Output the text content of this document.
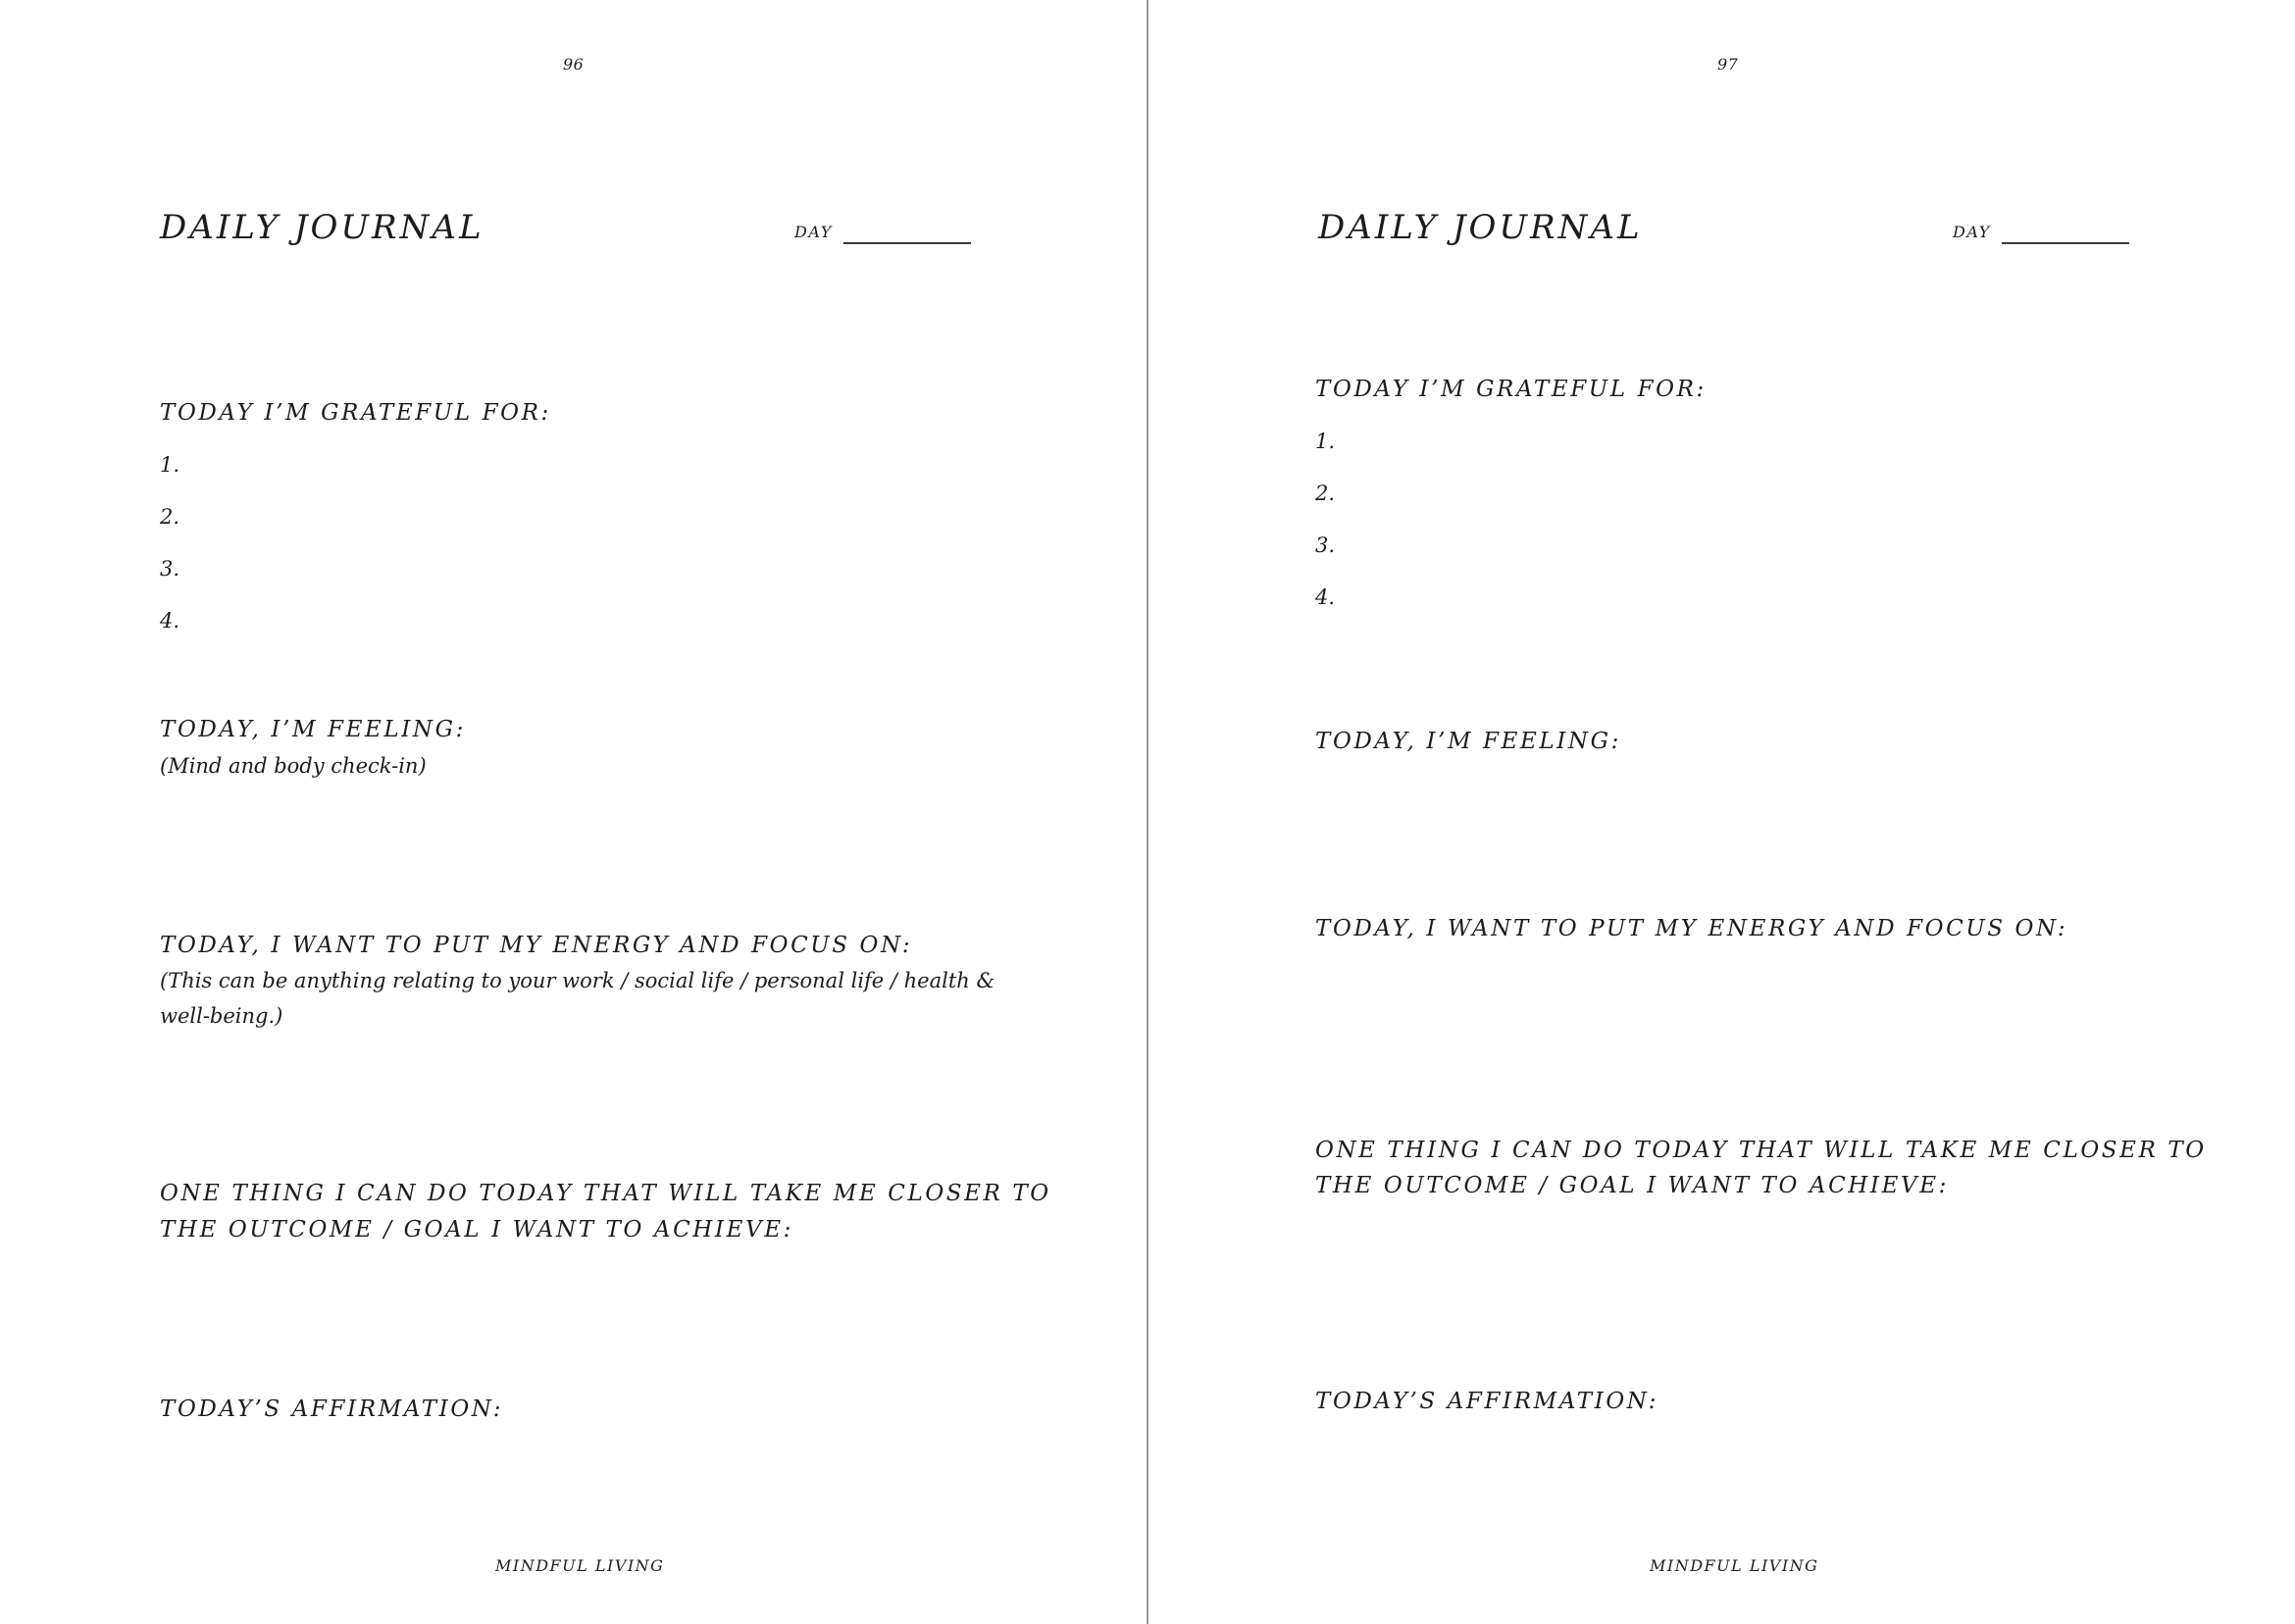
96
DAILY JOURNAL	DAY
TODAY I’M GRATEFUL FOR:
1.
2.
3.
4.
TODAY, I’M FEELING:
(Mind and body check-in)
TODAY, I WANT TO PUT MY ENERGY AND FOCUS ON:
(This can be anything relating to your work / social life / personal life / health &
well-being.)
ONE THING I CAN DO TODAY THAT WILL TAKE ME CLOSER TO
THE OUTCOME / GOAL I WANT TO ACHIEVE:
TODAY’S AFFIRMATION:
MINDFUL LIVING
97
DAILY JOURNAL	DAY
TODAY I’M GRATEFUL FOR:
1.
2.
3.
4.
TODAY, I’M FEELING:
TODAY, I WANT TO PUT MY ENERGY AND FOCUS ON:
ONE THING I CAN DO TODAY THAT WILL TAKE ME CLOSER TO
THE OUTCOME / GOAL I WANT TO ACHIEVE:
TODAY’S AFFIRMATION:
MINDFUL LIVING
